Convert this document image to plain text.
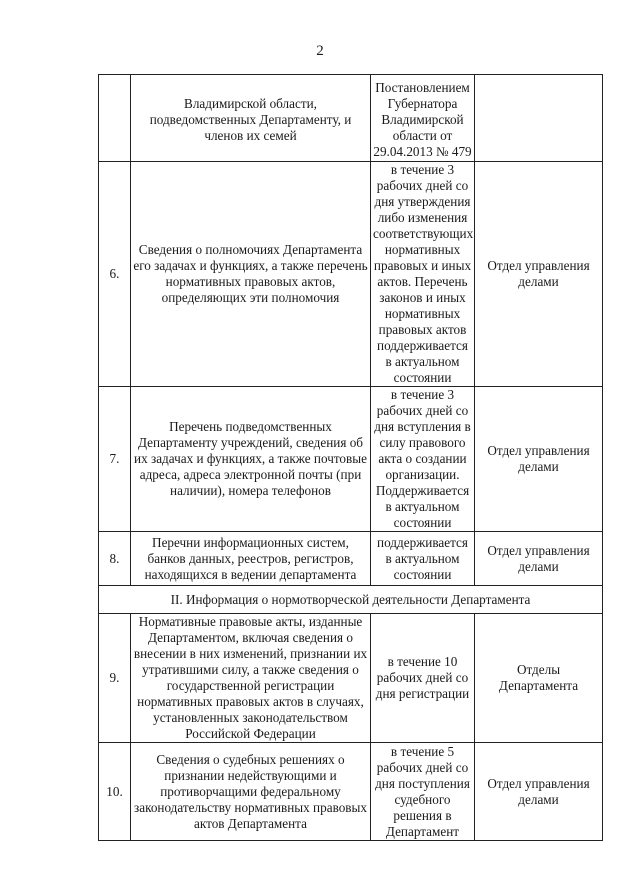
2

	Владимирской области, подведомственных Департаменту, и членов их семей	Постановлением Губернатора Владимирской области от 29.04.2013 № 479	

6.	Сведения о полномочиях Департамента его задачах и функциях, а также перечень нормативных правовых актов, определяющих эти полномочия	в течение 3 рабочих дней со дня утверждения либо изменения соответствующих нормативных правовых и иных актов. Перечень законов и иных нормативных правовых актов поддерживается в актуальном состоянии	Отдел управления делами
7.	Перечень подведомственных Департаменту учреждений, сведения об их задачах и функциях, а также почтовые адреса, адреса электронной почты (при наличии), номера телефонов	в течение 3 рабочих дней со дня вступления в силу правового акта о создании организации. Поддерживается в актуальном состоянии	Отдел управления делами
8.	Перечни информационных систем, банков данных, реестров, регистров, находящихся в ведении департамента	поддерживается в актуальном состоянии	Отдел управления делами
II. Информация о нормотворческой деятельности Департамента			
9.	Нормативные правовые акты, изданные Департаментом, включая сведения о внесении в них изменений, признании их утратившими силу, а также сведения о государственной регистрации нормативных правовых актов в случаях, установленных законодательством Российской Федерации	в течение 10 рабочих дней со дня регистрации	Отделы Департамента
10.	Сведения о судебных решениях о признании недействующими и противорчащими федеральному законодательству нормативных правовых актов Департамента	в течение 5 рабочих дней со дня поступления судебного решения в Департамент	Отдел управления делами
